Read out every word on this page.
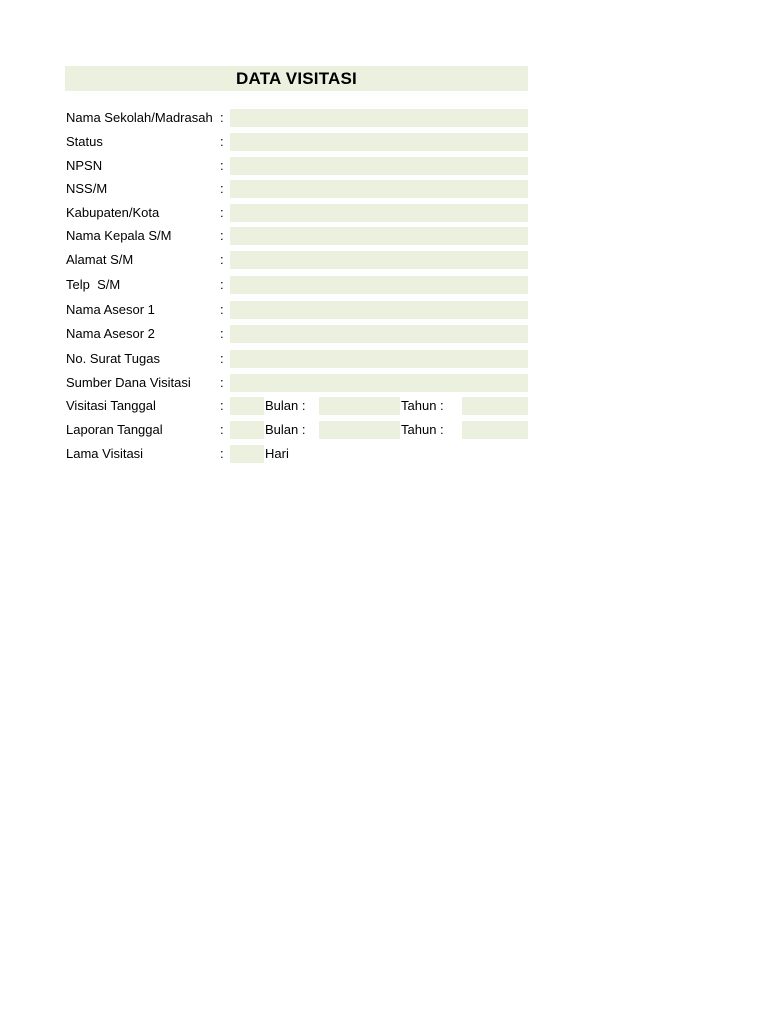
DATA VISITASI
Nama Sekolah/Madrasah :
Status	:
NPSN	:
NSS/M	:
Kabupaten/Kota	:
Nama Kepala S/M	:
Alamat S/M	:
Telp  S/M	:
Nama Asesor 1	:
Nama Asesor 2	:
No. Surat Tugas	:
Sumber Dana Visitasi :
Visitasi Tanggal	:	Bulan :	Tahun :
Laporan Tanggal	:	Bulan :	Tahun :
Lama Visitasi	:	Hari
